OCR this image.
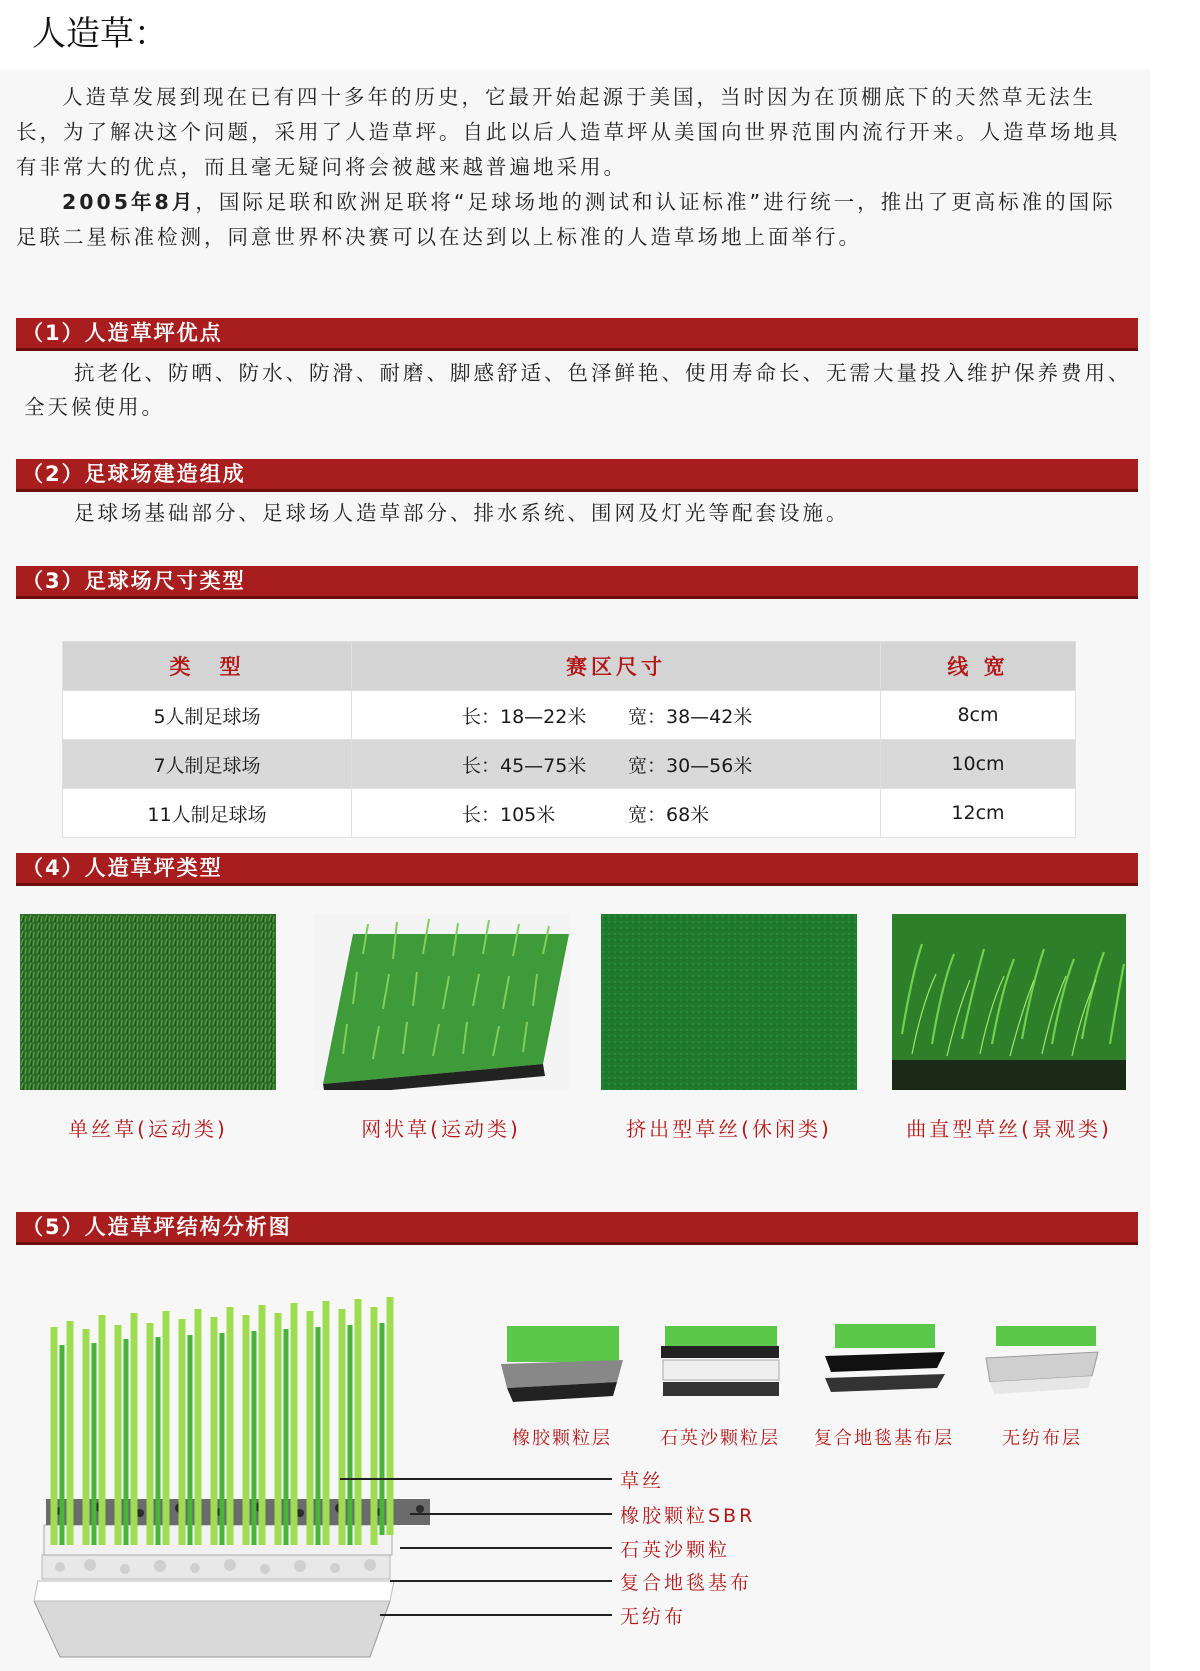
人造草：

人造草发展到现在已有四十多年的历史，它最开始起源于美国，当时因为在顶棚底下的天然草无法生长，为了解决这个问题，采用了人造草坪。自此以后人造草坪从美国向世界范围内流行开来。人造草场地具有非常大的优点，而且毫无疑问将会被越来越普遍地采用。

2005年8月，国际足联和欧洲足联将“足球场地的测试和认证标准”进行统一，推出了更高标准的国际足联二星标准检测，同意世界杯决赛可以在达到以上标准的人造草场地上面举行。

（1）人造草坪优点

抗老化、防晒、防水、防滑、耐磨、脚感舒适、色泽鲜艳、使用寿命长、无需大量投入维护保养费用、全天候使用。

（2）足球场建造组成

足球场基础部分、足球场人造草部分、排水系统、围网及灯光等配套设施。

（3）足球场尺寸类型
类　型	赛区尺寸	线 宽
5人制足球场	长：18—22米 宽：38—42米	8cm
7人制足球场	长：45—75米 宽：30—56米	10cm
11人制足球场	长：105米 宽：68米	12cm
（4）人造草坪类型
单丝草(运动类)	网状草(运动类)	挤出型草丝(休闲类)	曲直型草丝(景观类)
（5）人造草坪结构分析图
橡胶颗粒层	石英沙颗粒层	复合地毯基布层	无纺布层
草丝
橡胶颗粒SBR
石英沙颗粒
复合地毯基布
无纺布
